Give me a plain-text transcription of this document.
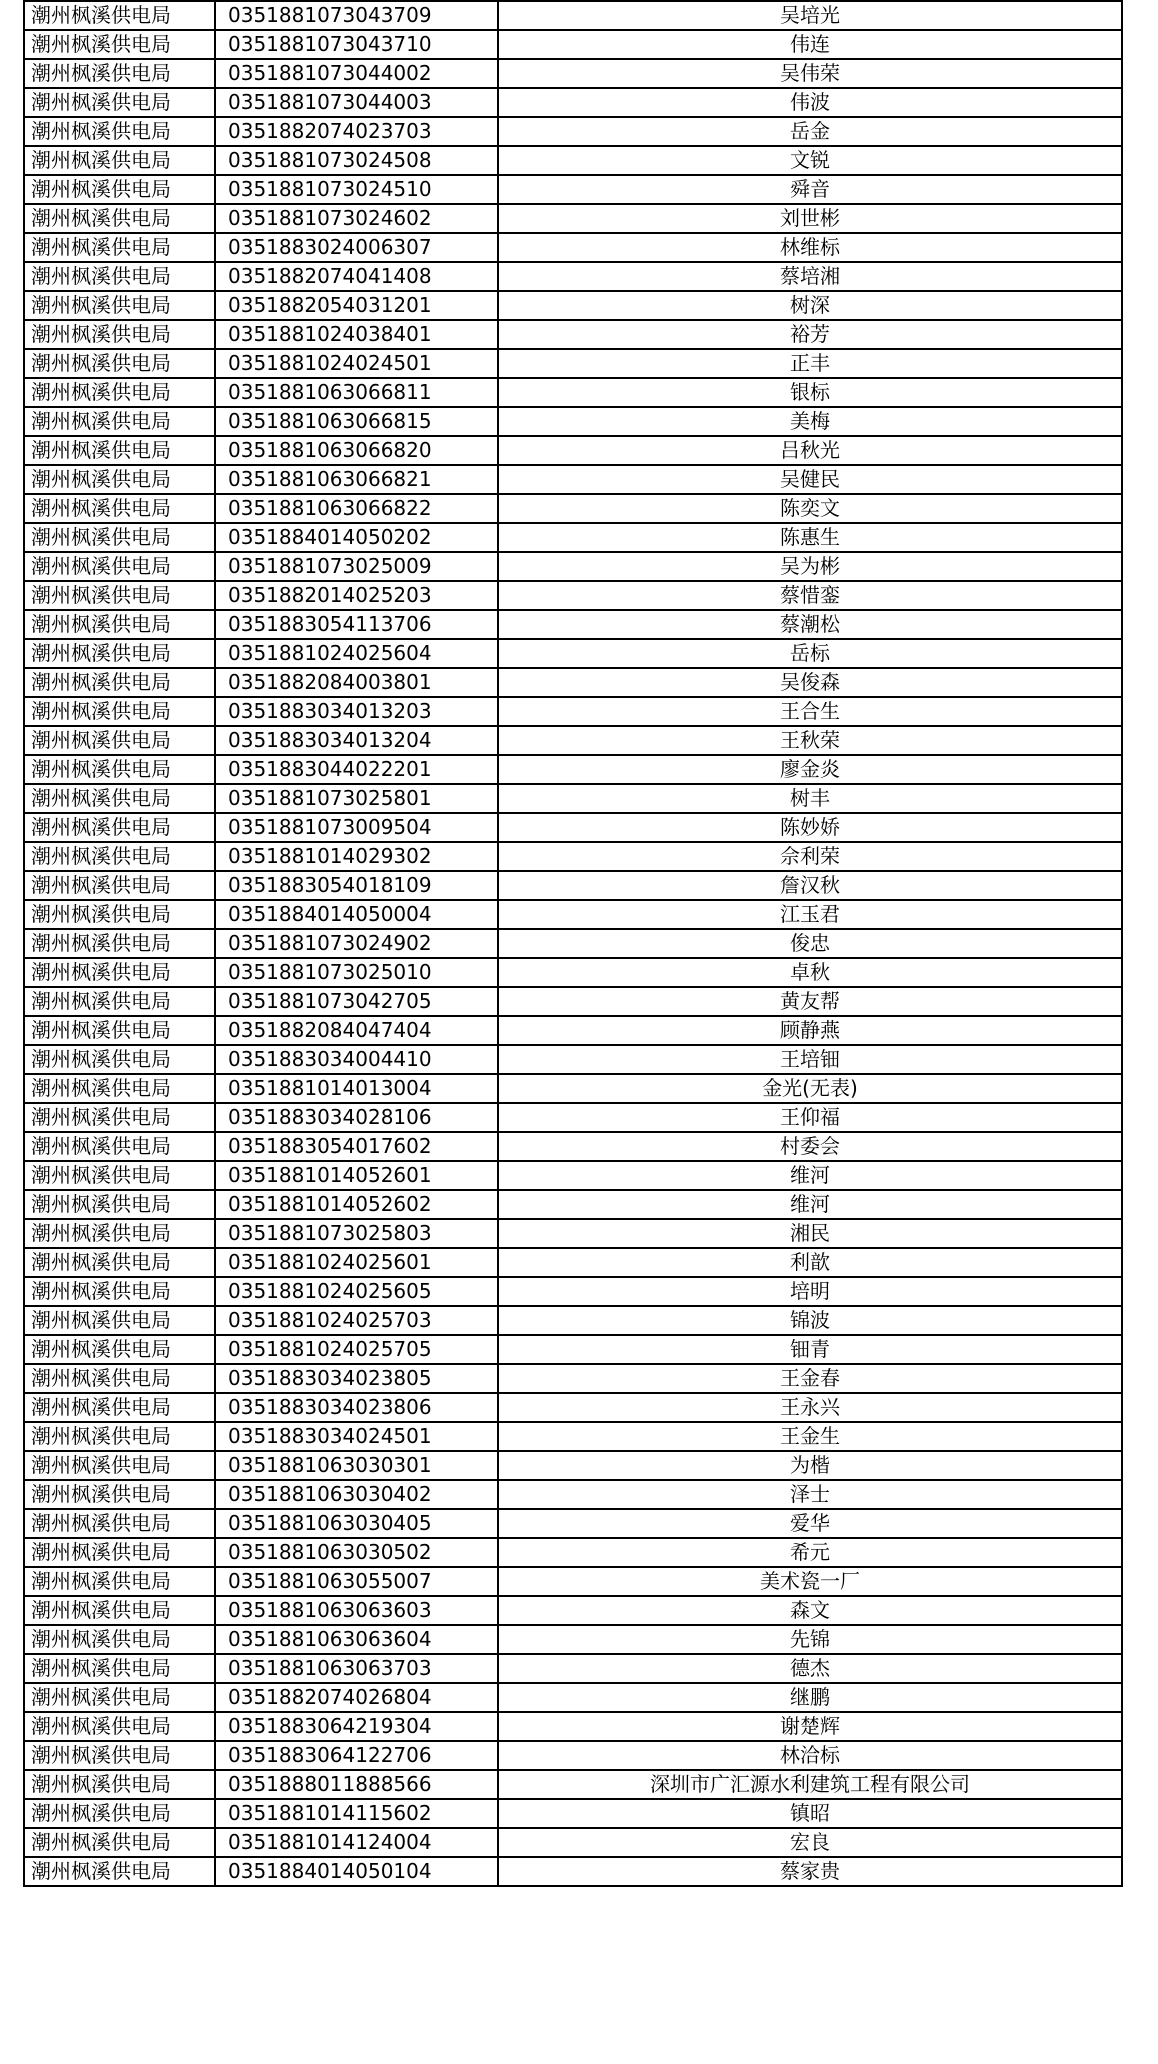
潮州枫溪供电局	0351881073043709	吴培光
潮州枫溪供电局	0351881073043710	伟连
潮州枫溪供电局	0351881073044002	吴伟荣
潮州枫溪供电局	0351881073044003	伟波
潮州枫溪供电局	0351882074023703	岳金
潮州枫溪供电局	0351881073024508	文锐
潮州枫溪供电局	0351881073024510	舜音
潮州枫溪供电局	0351881073024602	刘世彬
潮州枫溪供电局	0351883024006307	林维标
潮州枫溪供电局	0351882074041408	蔡培湘
潮州枫溪供电局	0351882054031201	树深
潮州枫溪供电局	0351881024038401	裕芳
潮州枫溪供电局	0351881024024501	正丰
潮州枫溪供电局	0351881063066811	银标
潮州枫溪供电局	0351881063066815	美梅
潮州枫溪供电局	0351881063066820	吕秋光
潮州枫溪供电局	0351881063066821	吴健民
潮州枫溪供电局	0351881063066822	陈奕文
潮州枫溪供电局	0351884014050202	陈惠生
潮州枫溪供电局	0351881073025009	吴为彬
潮州枫溪供电局	0351882014025203	蔡惜銮
潮州枫溪供电局	0351883054113706	蔡潮松
潮州枫溪供电局	0351881024025604	岳标
潮州枫溪供电局	0351882084003801	吴俊森
潮州枫溪供电局	0351883034013203	王合生
潮州枫溪供电局	0351883034013204	王秋荣
潮州枫溪供电局	0351883044022201	廖金炎
潮州枫溪供电局	0351881073025801	树丰
潮州枫溪供电局	0351881073009504	陈妙娇
潮州枫溪供电局	0351881014029302	佘利荣
潮州枫溪供电局	0351883054018109	詹汉秋
潮州枫溪供电局	0351884014050004	江玉君
潮州枫溪供电局	0351881073024902	俊忠
潮州枫溪供电局	0351881073025010	卓秋
潮州枫溪供电局	0351881073042705	黄友帮
潮州枫溪供电局	0351882084047404	顾静燕
潮州枫溪供电局	0351883034004410	王培钿
潮州枫溪供电局	0351881014013004	金光(无表)
潮州枫溪供电局	0351883034028106	王仰福
潮州枫溪供电局	0351883054017602	村委会
潮州枫溪供电局	0351881014052601	维河
潮州枫溪供电局	0351881014052602	维河
潮州枫溪供电局	0351881073025803	湘民
潮州枫溪供电局	0351881024025601	利歆
潮州枫溪供电局	0351881024025605	培明
潮州枫溪供电局	0351881024025703	锦波
潮州枫溪供电局	0351881024025705	钿青
潮州枫溪供电局	0351883034023805	王金春
潮州枫溪供电局	0351883034023806	王永兴
潮州枫溪供电局	0351883034024501	王金生
潮州枫溪供电局	0351881063030301	为楷
潮州枫溪供电局	0351881063030402	泽士
潮州枫溪供电局	0351881063030405	爱华
潮州枫溪供电局	0351881063030502	希元
潮州枫溪供电局	0351881063055007	美术瓷一厂
潮州枫溪供电局	0351881063063603	森文
潮州枫溪供电局	0351881063063604	先锦
潮州枫溪供电局	0351881063063703	德杰
潮州枫溪供电局	0351882074026804	继鹏
潮州枫溪供电局	0351883064219304	谢楚辉
潮州枫溪供电局	0351883064122706	林洽标
潮州枫溪供电局	0351888011888566	深圳市广汇源水利建筑工程有限公司
潮州枫溪供电局	0351881014115602	镇昭
潮州枫溪供电局	0351881014124004	宏良
潮州枫溪供电局	0351884014050104	蔡家贵
